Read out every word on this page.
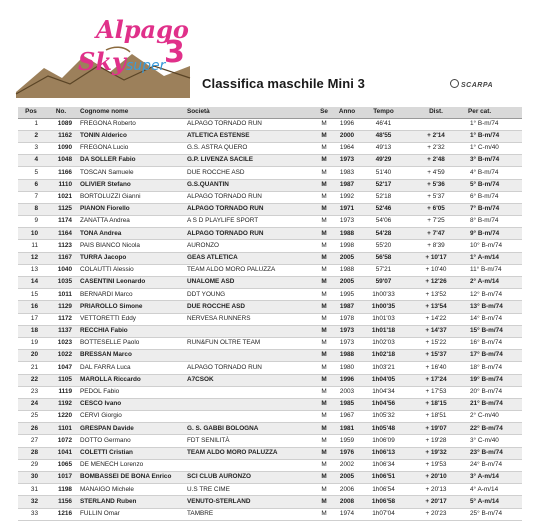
Alpago
Sky super
3
Classifica maschile Mini 3	SCARPA
Pos	No.	Cognome nome	Società	Se	Anno	Tempo	Dist.	Per cat.
1	1089	FREGONA Roberto	ALPAGO TORNADO RUN	M	1996	46'41		1° B-m/74
2	1162	TONIN Alderico	ATLETICA ESTENSE	M	2000	48'55	+ 2'14	1° B-m/74
3	1090	FREGONA Lucio	G.S. ASTRA QUERO	M	1964	49'13	+ 2'32	1° C-m/40
4	1048	DA SOLLER Fabio	G.P. LIVENZA SACILE	M	1973	49'29	+ 2'48	3° B-m/74
5	1166	TOSCAN Samuele	DUE ROCCHE ASD	M	1983	51'40	+ 4'59	4° B-m/74
6	1110	OLIVIER Stefano	G.S.QUANTIN	M	1987	52'17	+ 5'36	5° B-m/74
7	1021	BORTOLUZZI Gianni	ALPAGO TORNADO RUN	M	1992	52'18	+ 5'37	6° B-m/74
8	1125	PIANON Fiorello	ALPAGO TORNADO RUN	M	1971	52'46	+ 6'05	7° B-m/74
9	1174	ZANATTA Andrea	A S D PLAYLIFE SPORT	M	1973	54'06	+ 7'25	8° B-m/74
10	1164	TONA Andrea	ALPAGO TORNADO RUN	M	1988	54'28	+ 7'47	9° B-m/74
11	1123	PAIS BIANCO Nicola	AURONZO	M	1998	55'20	+ 8'39	10° B-m/74
12	1167	TURRA Jacopo	GEAS ATLETICA	M	2005	56'58	+ 10'17	1° A-m/14
13	1040	COLAUTTI Alessio	TEAM ALDO MORO PALUZZA	M	1988	57'21	+ 10'40	11° B-m/74
14	1035	CASENTINI Leonardo	UNALOME ASD	M	2005	59'07	+ 12'26	2° A-m/14
15	1011	BERNARDI Marco	DDT YOUNG	M	1995	1h00'33	+ 13'52	12° B-m/74
16	1129	PRIAROLLO Simone	DUE ROCCHE ASD	M	1987	1h00'35	+ 13'54	13° B-m/74
17	1172	VETTORETTI Eddy	NERVESA RUNNERS	M	1978	1h01'03	+ 14'22	14° B-m/74
18	1137	RECCHIA Fabio		M	1973	1h01'18	+ 14'37	15° B-m/74
19	1023	BOTTESELLE Paolo	RUN&FUN OLTRE TEAM	M	1973	1h02'03	+ 15'22	16° B-m/74
20	1022	BRESSAN Marco		M	1988	1h02'18	+ 15'37	17° B-m/74
21	1047	DAL FARRA Luca	ALPAGO TORNADO RUN	M	1980	1h03'21	+ 16'40	18° B-m/74
22	1105	MAROLLA Riccardo	A7CSOK	M	1996	1h04'05	+ 17'24	19° B-m/74
23	1119	PEDOL Fabio		M	2003	1h04'34	+ 17'53	20° B-m/74
24	1192	CESCO Ivano		M	1985	1h04'56	+ 18'15	21° B-m/74
25	1220	CERVI Giorgio		M	1967	1h05'32	+ 18'51	2° C-m/40
26	1101	GRESPAN Davide	G. S. GABBI BOLOGNA	M	1981	1h05'48	+ 19'07	22° B-m/74
27	1072	DOTTO Germano	FDT SENILITÀ	M	1959	1h06'09	+ 19'28	3° C-m/40
28	1041	COLETTI Cristian	TEAM ALDO MORO PALUZZA	M	1976	1h06'13	+ 19'32	23° B-m/74
29	1065	DE MENECH Lorenzo		M	2002	1h06'34	+ 19'53	24° B-m/74
30	1017	BOMBASSEI DE BONA Enrico	SCI CLUB AURONZO	M	2005	1h06'51	+ 20'10	3° A-m/14
31	1198	MANAIGO Michele	U.S TRE CIME	M	2006	1h06'54	+ 20'13	4° A-m/14
32	1156	STERLAND Ruben	VENUTO-STERLAND	M	2008	1h06'58	+ 20'17	5° A-m/14
33	1216	FULLIN Omar	TAMBRE	M	1974	1h07'04	+ 20'23	25° B-m/74
